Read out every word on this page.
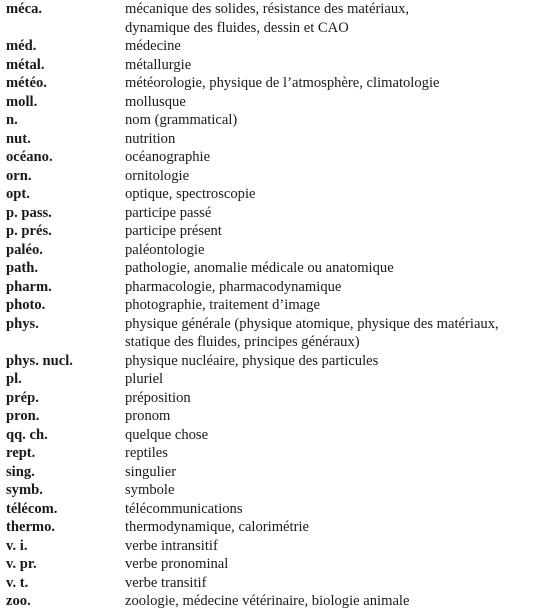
méca.	mécanique des solides, résistance des matériaux,
dynamique des fluides, dessin et CAO
méd.	médecine
métal.	métallurgie
météo.	météorologie, physique de l’atmosphère, climatologie
moll.	mollusque
n.	nom (grammatical)
nut.	nutrition
océano.	océanographie
orn.	ornitologie
opt.	optique, spectroscopie
p. pass.	participe passé
p. prés.	participe présent
paléo.	paléontologie
path.	pathologie, anomalie médicale ou anatomique
pharm.	pharmacologie, pharmacodynamique
photo.	photographie, traitement d’image
phys.	physique générale (physique atomique, physique des matériaux,
statique des fluides, principes généraux)
phys. nucl.	physique nucléaire, physique des particules
pl.	pluriel
prép.	préposition
pron.	pronom
qq. ch.	quelque chose
rept.	reptiles
sing.	singulier
symb.	symbole
télécom.	télécommunications
thermo.	thermodynamique, calorimétrie
v. i.	verbe intransitif
v. pr.	verbe pronominal
v. t.	verbe transitif
zoo.	zoologie, médecine vétérinaire, biologie animale
